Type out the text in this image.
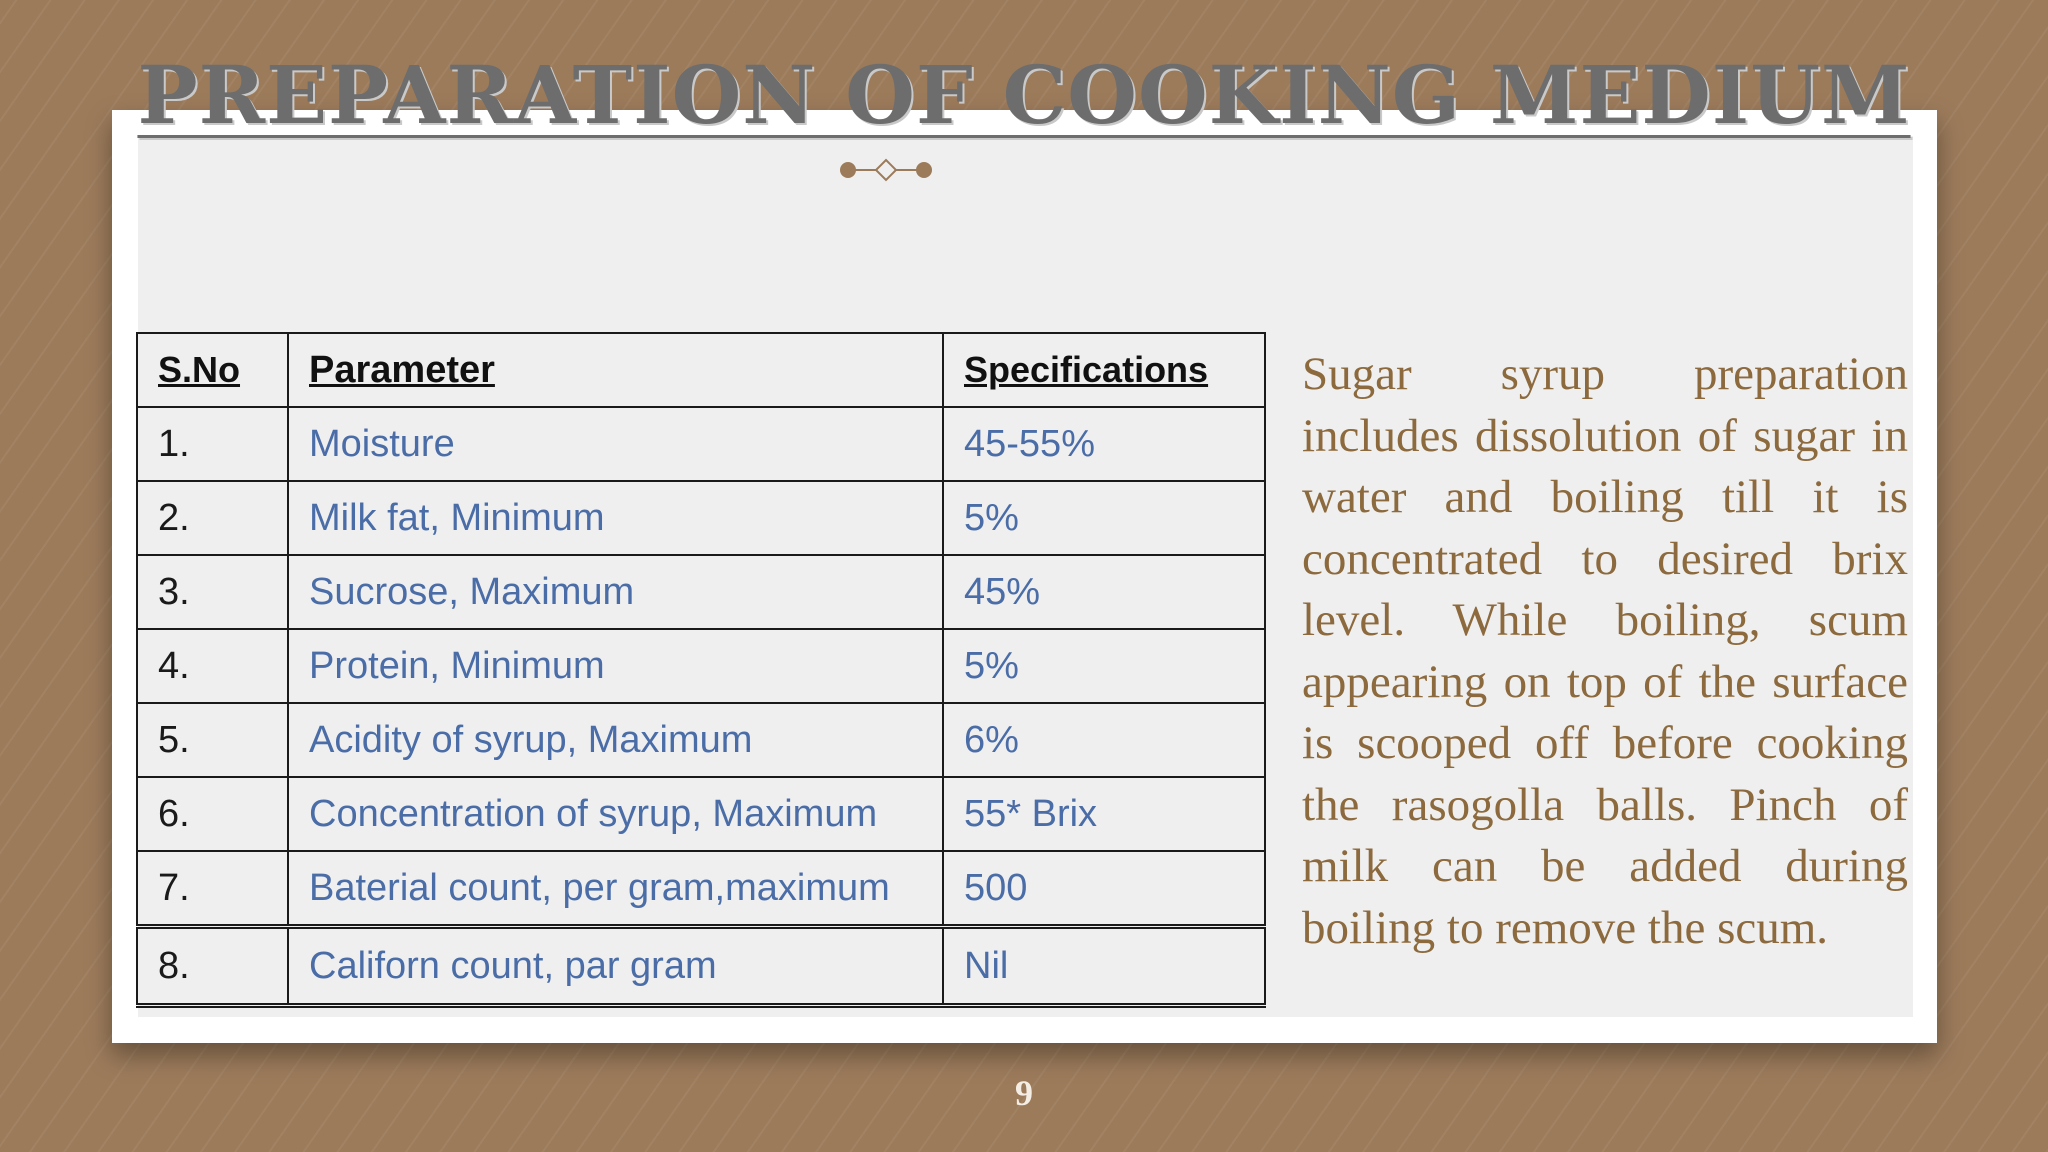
PREPARATION OF COOKING MEDIUM
S.No	Parameter	Specifications
1.	Moisture	45-55%
2.	Milk fat, Minimum	5%
3.	Sucrose, Maximum	45%
4.	Protein, Minimum	5%
5.	Acidity of syrup, Maximum	6%
6.	Concentration of syrup, Maximum	55* Brix
7.	Baterial count, per gram,maximum	500
8.	Californ count, par gram	Nil

Sugar syrup preparation includes dissolution of sugar in water and boiling till it is concentrated to desired brix level. While boiling, scum appearing on top of the surface is scooped off before cooking the rasogolla balls. Pinch of milk can be added during boiling to remove the scum.

9
